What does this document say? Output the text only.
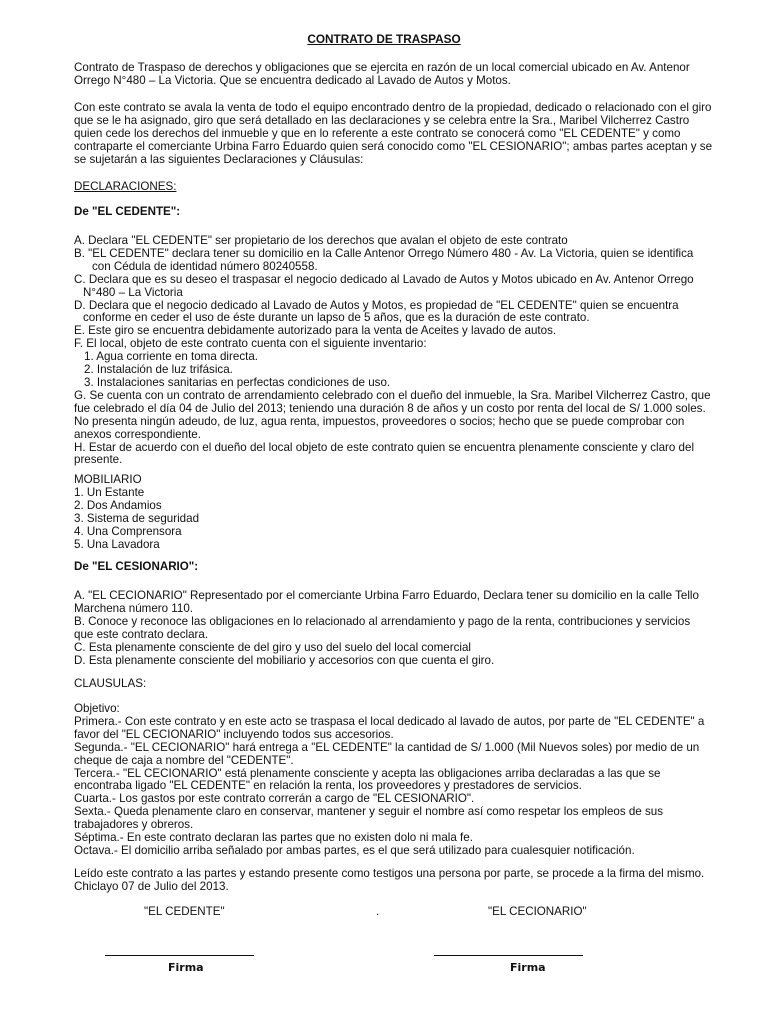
CONTRATO DE TRASPASO
Contrato de Traspaso de derechos y obligaciones que se ejercita en razón de un local comercial ubicado en Av. Antenor
Orrego N°480 – La Victoria. Que se encuentra dedicado al Lavado de Autos y Motos.
Con este contrato se avala la venta de todo el equipo encontrado dentro de la propiedad, dedicado o relacionado con el giro
que se le ha asignado, giro que será detallado en las declaraciones y se celebra entre la Sra., Maribel Vilcherrez Castro
quien cede los derechos del inmueble y que en lo referente a este contrato se conocerá como "EL CEDENTE" y como
contraparte el comerciante Urbina Farro Eduardo quien será conocido como "EL CESIONARIO"; ambas partes aceptan y se
se sujetarán a las siguientes Declaraciones y Cláusulas:
DECLARACIONES:
De "EL CEDENTE":
A. Declara "EL CEDENTE" ser propietario de los derechos que avalan el objeto de este contrato
B. "EL CEDENTE" declara tener su domicilio en la Calle Antenor Orrego Número 480 - Av. La Victoria, quien se identifica
con Cédula de identidad número 80240558.
C. Declara que es su deseo el traspasar el negocio dedicado al Lavado de Autos y Motos ubicado en Av. Antenor Orrego
N°480 – La Victoria
D. Declara que el negocio dedicado al Lavado de Autos y Motos, es propiedad de "EL CEDENTE" quien se encuentra
conforme en ceder el uso de éste durante un lapso de 5 años, que es la duración de este contrato.
E. Este giro se encuentra debidamente autorizado para la venta de Aceites y lavado de autos.
F. El local, objeto de este contrato cuenta con el siguiente inventario:
1. Agua corriente en toma directa.
2. Instalación de luz trifásica.
3. Instalaciones sanitarias en perfectas condiciones de uso.
G. Se cuenta con un contrato de arrendamiento celebrado con el dueño del inmueble, la Sra. Maribel Vilcherrez Castro, que
fue celebrado el día 04 de Julio del 2013; teniendo una duración 8 de años y un costo por renta del local de S/ 1.000 soles.
No presenta ningún adeudo, de luz, agua renta, impuestos, proveedores o socios; hecho que se puede comprobar con
anexos correspondiente.
H. Estar de acuerdo con el dueño del local objeto de este contrato quien se encuentra plenamente consciente y claro del
presente.
MOBILIARIO
1. Un Estante
2. Dos Andamios
3. Sistema de seguridad
4. Una Comprensora
5. Una Lavadora
De "EL CESIONARIO":
A. "EL CECIONARIO" Representado por el comerciante Urbina Farro Eduardo, Declara tener su domicilio en la calle Tello
Marchena número 110.
B. Conoce y reconoce las obligaciones en lo relacionado al arrendamiento y pago de la renta, contribuciones y servicios
que este contrato declara.
C. Esta plenamente consciente de del giro y uso del suelo del local comercial
D. Esta plenamente consciente del mobiliario y accesorios con que cuenta el giro.
CLAUSULAS:
Objetivo:
Primera.- Con este contrato y en este acto se traspasa el local dedicado al lavado de autos, por parte de "EL CEDENTE" a
favor del "EL CECIONARIO" incluyendo todos sus accesorios.
Segunda.- "EL CECIONARIO" hará entrega a "EL CEDENTE" la cantidad de S/ 1.000 (Mil Nuevos soles) por medio de un
cheque de caja a nombre del "CEDENTE".
Tercera.- "EL CECIONARIO" está plenamente consciente y acepta las obligaciones arriba declaradas a las que se
encontraba ligado "EL CEDENTE" en relación la renta, los proveedores y prestadores de servicios.
Cuarta.- Los gastos por este contrato correrán a cargo de "EL CESIONARIO".
Sexta.- Queda plenamente claro en conservar, mantener y seguir el nombre así como respetar los empleos de sus
trabajadores y obreros.
Séptima.- En este contrato declaran las partes que no existen dolo ni mala fe.
Octava.- El domicilio arriba señalado por ambas partes, es el que será utilizado para cualesquier notificación.
Leído este contrato a las partes y estando presente como testigos una persona por parte, se procede a la firma del mismo.
Chiclayo 07 de Julio del 2013.
"EL CEDENTE"	.	"EL CECIONARIO"
Firma	Firma
